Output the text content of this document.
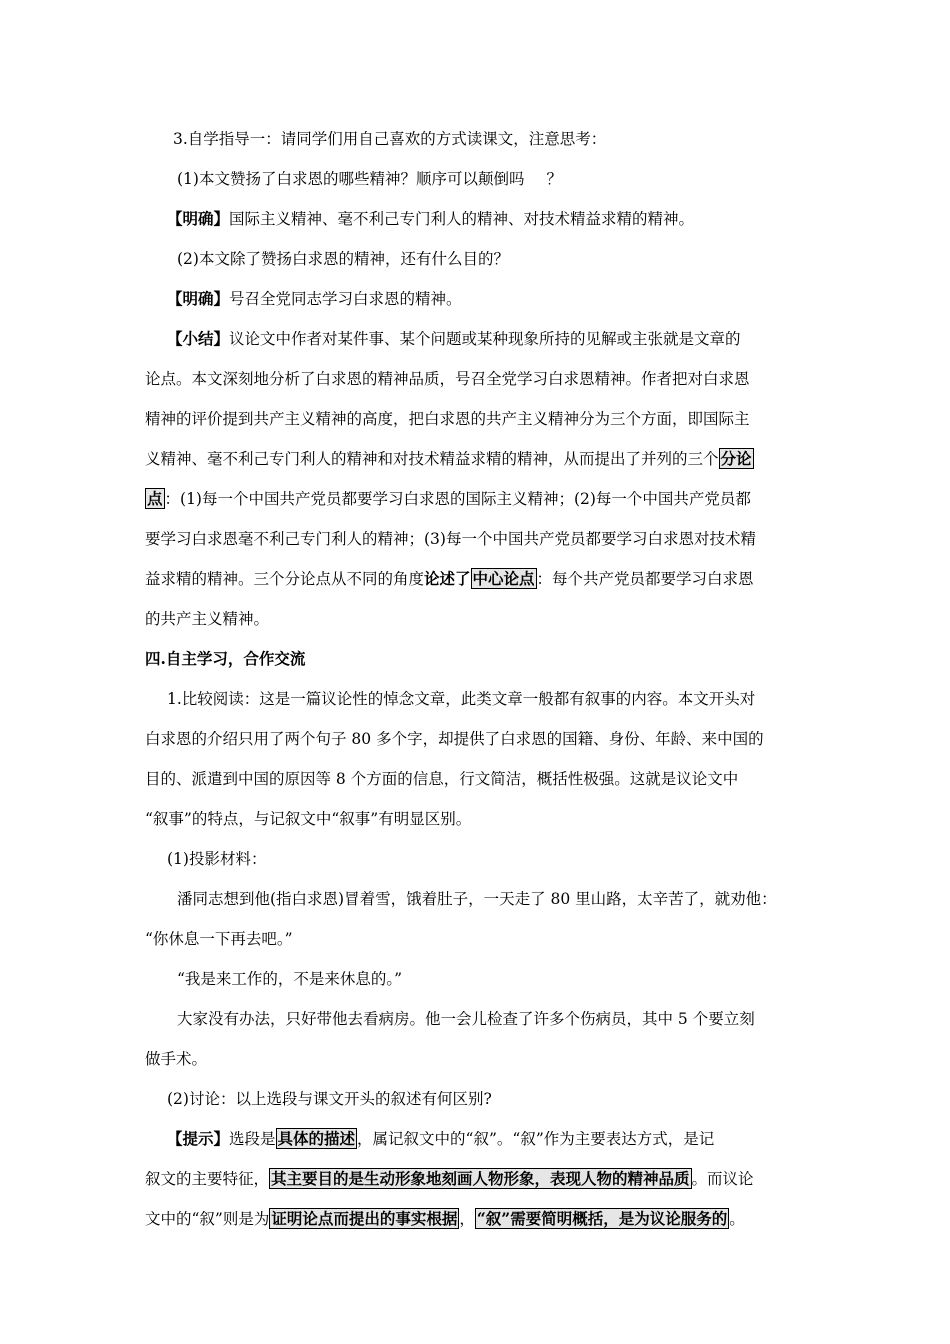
3.自学指导一：请同学们用自己喜欢的方式读课文，注意思考：
(1)本文赞扬了白求恩的哪些精神？顺序可以颠倒吗 ？
【明确】国际主义精神、毫不利己专门利人的精神、对技术精益求精的精神。
(2)本文除了赞扬白求恩的精神，还有什么目的？
【明确】号召全党同志学习白求恩的精神。
【小结】议论文中作者对某件事、某个问题或某种现象所持的见解或主张就是文章的
论点。本文深刻地分析了白求恩的精神品质，号召全党学习白求恩精神。作者把对白求恩
精神的评价提到共产主义精神的高度，把白求恩的共产主义精神分为三个方面，即国际主
义精神、毫不利己专门利人的精神和对技术精益求精的精神，从而提出了并列的三个 分论
点 ：(1)每一个中国共产党员都要学习白求恩的国际主义精神；(2)每一个中国共产党员都
要学习白求恩毫不利己专门利人的精神；(3)每一个中国共产党员都要学习白求恩对技术精
益求精的精神。三个分论点从不同的角度论述了 中心论点 ：每个共产党员都要学习白求恩
的共产主义精神。
四.自主学习，合作交流
1.比较阅读：这是一篇议论性的悼念文章，此类文章一般都有叙事的内容。本文开头对
白求恩的介绍只用了两个句子 80 多个字，却提供了白求恩的国籍、身份、年龄、来中国的
目的、派遣到中国的原因等 8 个方面的信息，行文简洁，概括性极强。这就是议论文中
“叙事”的特点，与记叙文中“叙事”有明显区别。
(1)投影材料：
潘同志想到他(指白求恩)冒着雪，饿着肚子，一天走了 80 里山路，太辛苦了，就劝他：
“你休息一下再去吧。”
“我是来工作的，不是来休息的。”
大家没有办法，只好带他去看病房。他一会儿检查了许多个伤病员，其中 5 个要立刻
做手术。
(2)讨论：以上选段与课文开头的叙述有何区别?
【提示】选段是 具体的描述 ，属记叙文中的“叙”。“叙”作为主要表达方式，是记
叙文的主要特征， 其主要目的是生动形象地刻画人物形象，表现人物的精神品质 。而议论
文中的“叙”则是为 证明论点而提出的事实根据 ， “叙”需要简明概括，是为议论服务的 。
